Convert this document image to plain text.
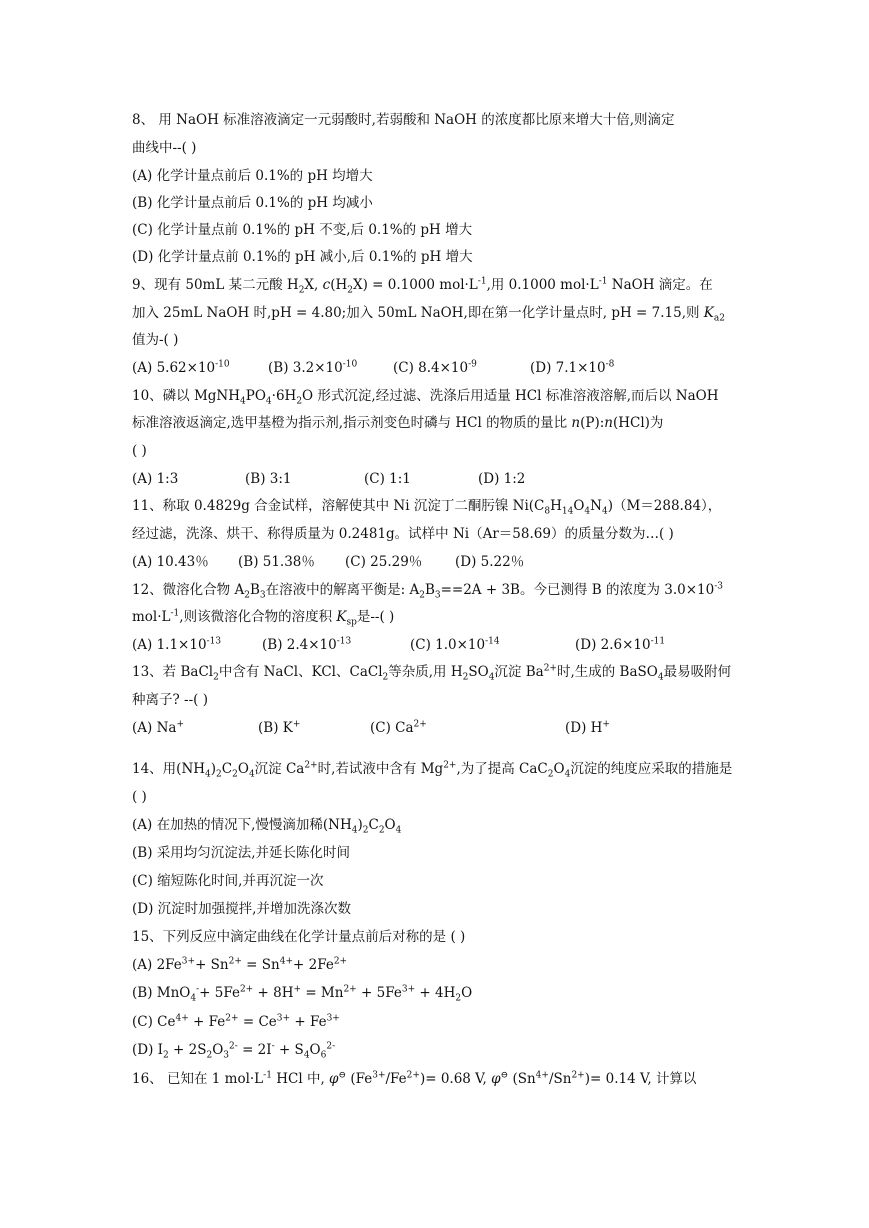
8、 用 NaOH 标准溶液滴定一元弱酸时,若弱酸和 NaOH 的浓度都比原来增大十倍,则滴定
曲线中--( )
(A) 化学计量点前后 0.1%的 pH 均增大
(B) 化学计量点前后 0.1%的 pH 均减小
(C) 化学计量点前 0.1%的 pH 不变,后 0.1%的 pH 增大
(D) 化学计量点前 0.1%的 pH 减小,后 0.1%的 pH 增大
9、现有 50mL 某二元酸 $H_2X$, $c(H_2X) = 0.1000$ $mol\cdot L^{-1}$,用 0.1000 $mol\cdot L^{-1}$ NaOH 滴定。在
加入 25mL NaOH 时,pH = 4.80;加入 50mL NaOH,即在第一化学计量点时, pH = 7.15,则 $K_{a2}$
值为-( )
(A) $5.62\times 10^{-10}$	(B) $3.2\times 10^{-10}$	(C) $8.4\times 10^{-9}$	(D) $7.1\times 10^{-8}$
10、磷以 $MgNH_4PO_4\cdot 6H_2O$ 形式沉淀,经过滤、洗涤后用适量 HCl 标准溶液溶解,而后以 NaOH
标准溶液返滴定,选甲基橙为指示剂,指示剂变色时磷与 HCl 的物质的量比 n(P):n(HCl)为
( )
(A) 1:3	(B) 3:1	(C) 1:1	(D) 1:2
11、称取 0.4829g 合金试样，溶解使其中 Ni 沉淀丁二酮肟镍 $Ni(C_8H_{14}O_4N_4)(M=288.84)$，
经过滤，洗涤、烘干、称得质量为 0.2481g。试样中 Ni（Ar＝58.69）的质量分数为…( )
(A) 10.43％ (B) 51.38％ (C) 25.29％ (D) 5.22％
12、微溶化合物 $A_2B_3$在溶液中的解离平衡是: $A_2B_3==2A + 3B$。今已测得 B 的浓度为 $3.0\times 10^{-3}$
$mol\cdot L^{-1}$,则该微溶化合物的溶度积 $K_{sp}$是--( )
(A) $1.1\times 10^{-13}$	(B) $2.4\times 10^{-13}$	(C) $1.0\times 10^{-14}$	(D) $2.6\times 10^{-11}$
13、若 BaCl$_2$中含有 NaCl、KCl、CaCl$_2$等杂质,用 $H_2SO_4$沉淀 $Ba^{2+}$时,生成的 BaSO$_4$最易吸附何
种离子? --( )
(A) Na+	(B) K+	(C) $Ca^{2+}$	(D) H+
14、用$(NH_4)_2C_2O_4$沉淀 $Ca^{2+}$时,若试液中含有 $Mg^{2+}$,为了提高 $CaC_2O_4$沉淀的纯度应采取的措施是
( )
(A) 在加热的情况下,慢慢滴加稀$(NH_4)_2C_2O_4$
(B) 采用均匀沉淀法,并延长陈化时间
(C) 缩短陈化时间,并再沉淀一次
(D) 沉淀时加强搅拌,并增加洗涤次数
15、下列反应中滴定曲线在化学计量点前后对称的是 ( )
(A) $2Fe^{3+}+ Sn^{2+} = Sn^{4+}+ 2Fe^{2+}$
(B) $MnO_4^-+ 5Fe^{2+} + 8H^+ = Mn^{2+} + 5Fe^{3+} + 4H_2O$
(C) $Ce^{4+} + Fe^{2+} = Ce^{3+} + Fe^{3+}$
(D) $I_2 + 2S_2O_3^{2-} = 2I^- + S_4O_6^{2-}$
16、 已知在 1 $mol\cdot L^{-1}$ HCl 中, φ⊖ $(Fe^{3+}/Fe^{2+})= 0.68$ V, φ⊖ $(Sn^{4+}/Sn^{2+})= 0.14$ V, 计算以
